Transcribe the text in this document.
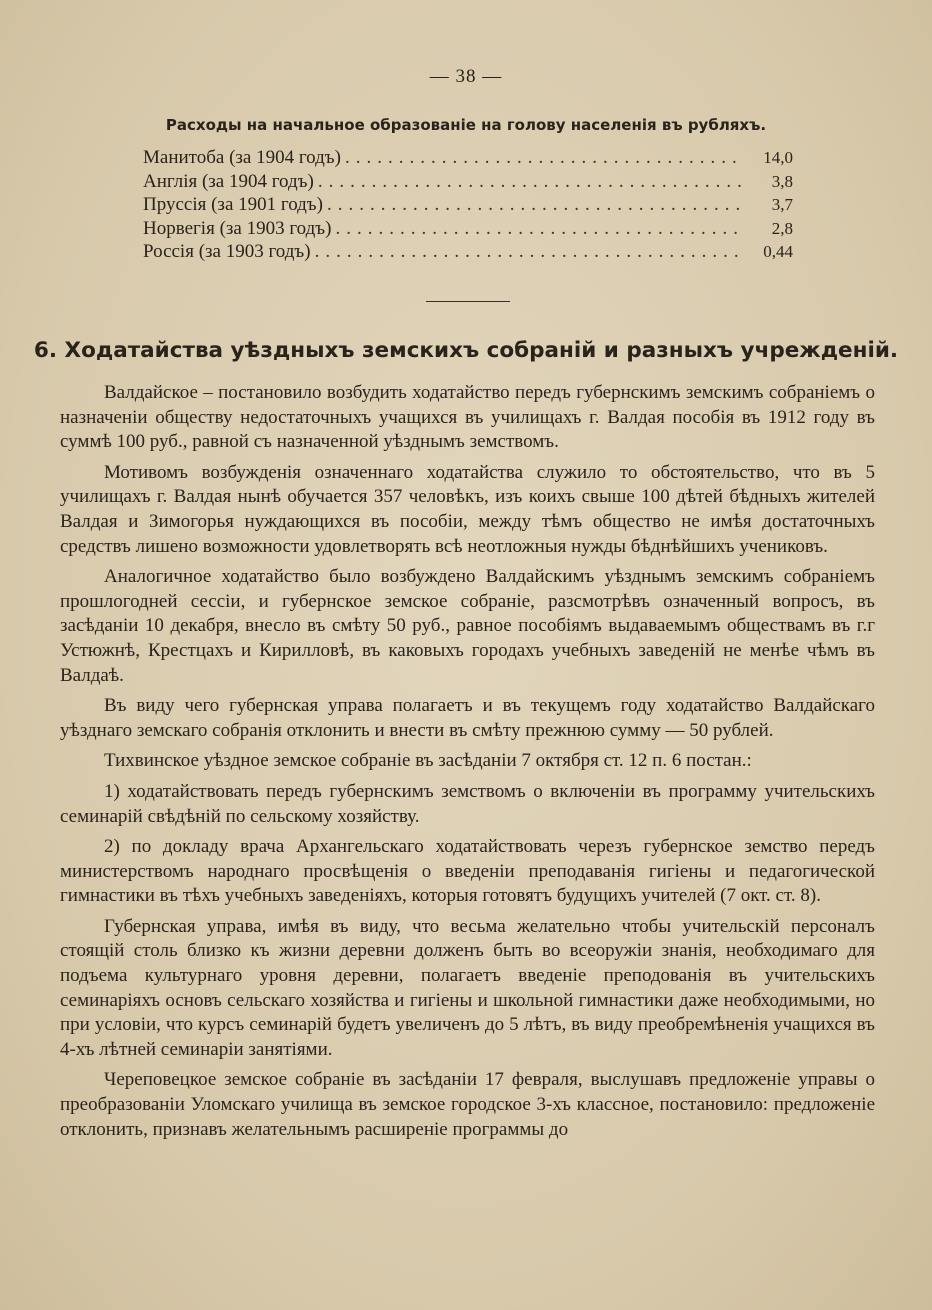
— 38 —
Расходы на начальное образованіе на голову населенія въ рубляхъ.
Манитоба (за 1904 годъ) .....	14,0
Англія (за 1904 годъ) .....	3,8
Пруссія (за 1901 годъ) .....	3,7
Норвегія (за 1903 годъ) .....	2,8
Россія (за 1903 годъ) .....	0,44
6. Ходатайства уѣздныхъ земскихъ собраній и разныхъ учрежденій.

Валдайское – постановило возбудить ходатайство передъ губернскимъ земскимъ собраніемъ о назначеніи обществу недостаточныхъ учащихся въ училищахъ г. Валдая пособія въ 1912 году въ суммѣ 100 руб., равной съ назначенной уѣзднымъ земствомъ.

Мотивомъ возбужденія означеннаго ходатайства служило то обстоятельство, что въ 5 училищахъ г. Валдая нынѣ обучается 357 человѣкъ, изъ коихъ свыше 100 дѣтей бѣдныхъ жителей Валдая и Зимогорья нуждающихся въ пособіи, между тѣмъ общество не имѣя достаточныхъ средствъ лишено возможности удовлетворять всѣ неотложныя нужды бѣднѣйшихъ учениковъ.

Аналогичное ходатайство было возбуждено Валдайскимъ уѣзднымъ земскимъ собраніемъ прошлогодней сессіи, и губернское земское собраніе, разсмотрѣвъ означенный вопросъ, въ засѣданіи 10 декабря, внесло въ смѣту 50 руб., равное пособіямъ выдаваемымъ обществамъ въ г.г Устюжнѣ, Крестцахъ и Кирилловѣ, въ каковыхъ городахъ учебныхъ заведеній не менѣе чѣмъ въ Валдаѣ.

Въ виду чего губернская управа полагаетъ и въ текущемъ году ходатайство Валдайскаго уѣзднаго земскаго собранія отклонить и внести въ смѣту прежнюю сумму — 50 рублей.

Тихвинское уѣздное земское собраніе въ засѣданіи 7 октября ст. 12 п. 6 постан.:

1) ходатайствовать передъ губернскимъ земствомъ о включеніи въ программу учительскихъ семинарій свѣдѣній по сельскому хозяйству.

2) по докладу врача Архангельскаго ходатайствовать черезъ губернское земство передъ министерствомъ народнаго просвѣщенія о введеніи преподаванія гигіены и педагогической гимнастики въ тѣхъ учебныхъ заведеніяхъ, которыя готовятъ будущихъ учителей (7 окт. ст. 8).

Губернская управа, имѣя въ виду, что весьма желательно чтобы учительскій персоналъ стоящій столь близко къ жизни деревни долженъ быть во всеоружіи знанія, необходимаго для подъема культурнаго уровня деревни, полагаетъ введеніе преподованія въ учительскихъ семинаріяхъ основъ сельскаго хозяйства и гигіены и школьной гимнастики даже необходимыми, но при условіи, что курсъ семинарій будетъ увеличенъ до 5 лѣтъ, въ виду преобремѣненія учащихся въ 4-хъ лѣтней семинаріи занятіями.

Череповецкое земское собраніе въ засѣданіи 17 февраля, выслушавъ предложеніе управы о преобразованіи Уломскаго училища въ земское городское 3-хъ классное, постановило: предложеніе отклонить, признавъ желательнымъ расширеніе программы до
